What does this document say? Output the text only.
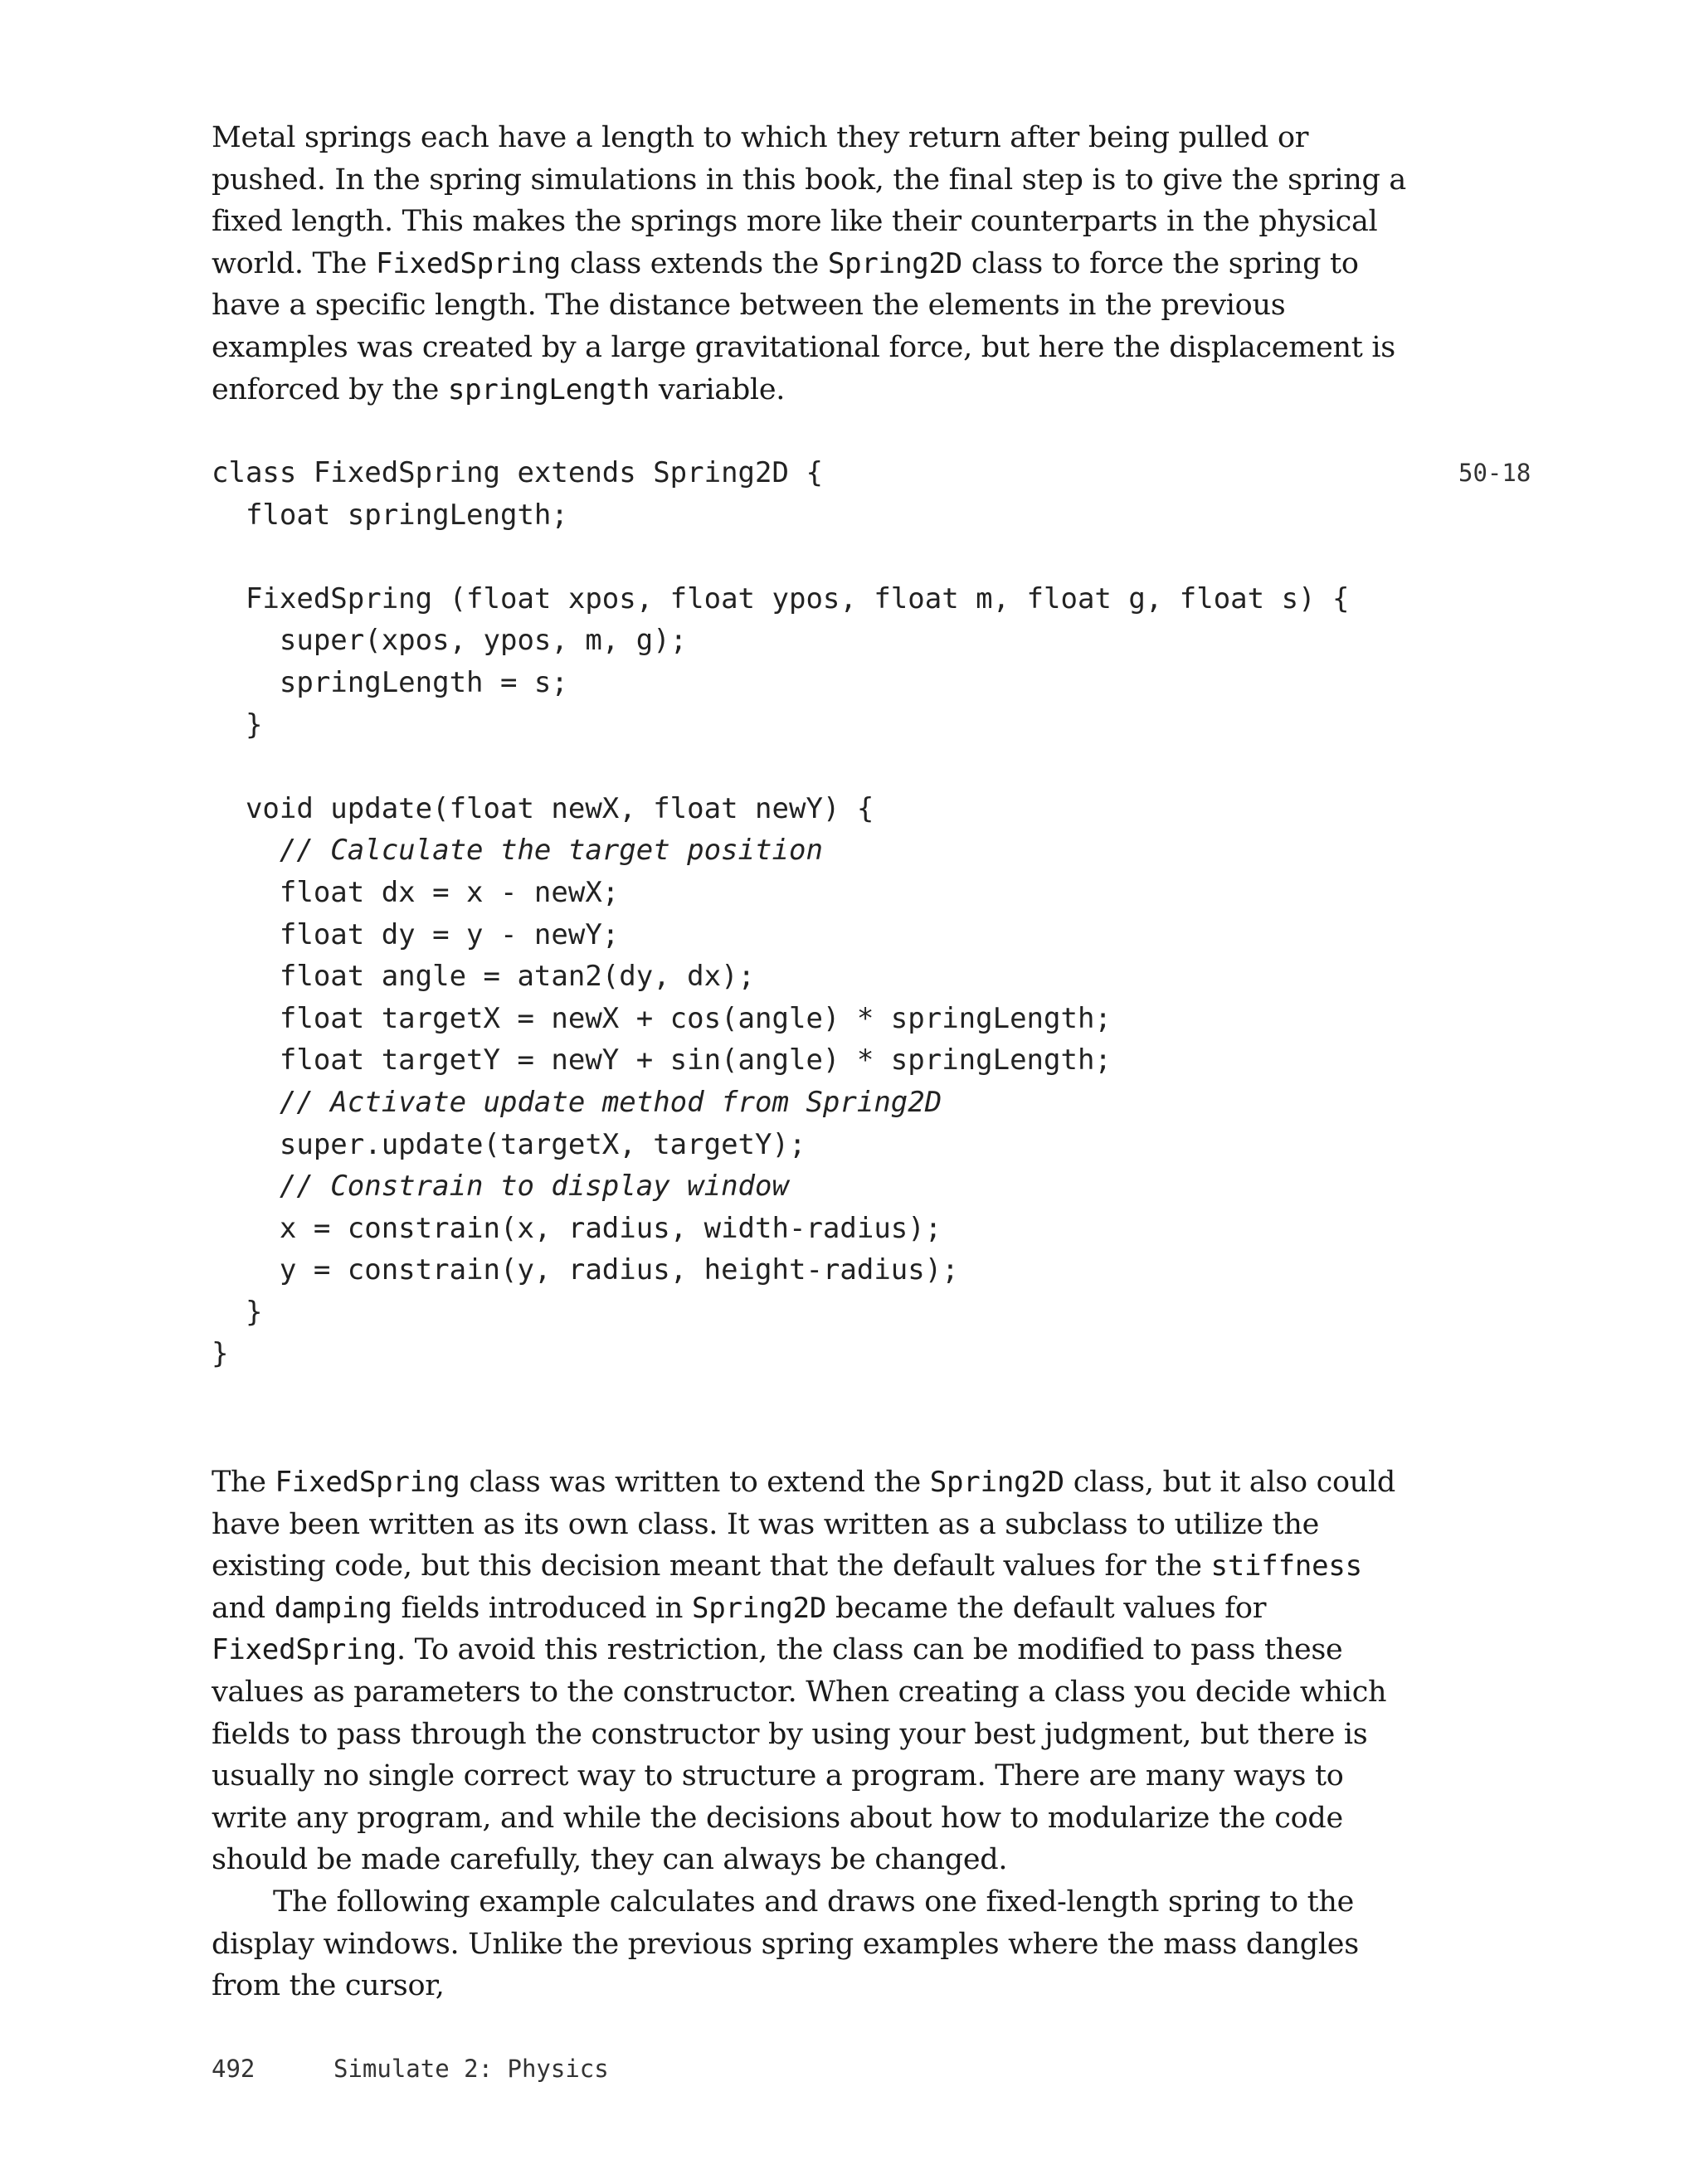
Metal springs each have a length to which they return after being pulled or pushed. In the spring simulations in this book, the final step is to give the spring a fixed length. This makes the springs more like their counterparts in the physical world. The FixedSpring class extends the Spring2D class to force the spring to have a specific length. The distance between the elements in the previous examples was created by a large gravitational force, but here the displacement is enforced by the springLength variable.

50-18
class FixedSpring extends Spring2D {
float springLength;
FixedSpring (float xpos, float ypos, float m, float g, float s) {
super(xpos, ypos, m, g);
springLength = s;
}
void update(float newX, float newY) {
// Calculate the target position
float dx = x - newX;
float dy = y - newY;
float angle = atan2(dy, dx);
float targetX = newX + cos(angle) * springLength;
float targetY = newY + sin(angle) * springLength;
// Activate update method from Spring2D
super.update(targetX, targetY);
// Constrain to display window
x = constrain(x, radius, width-radius);
y = constrain(y, radius, height-radius);
}
}

The FixedSpring class was written to extend the Spring2D class, but it also could have been written as its own class. It was written as a subclass to utilize the existing code, but this decision meant that the default values for the stiffness and damping fields introduced in Spring2D became the default values for FixedSpring. To avoid this restriction, the class can be modified to pass these values as parameters to the constructor. When creating a class you decide which fields to pass through the constructor by using your best judgment, but there is usually no single correct way to structure a program. There are many ways to write any program, and while the decisions about how to modularize the code should be made carefully, they can always be changed.

The following example calculates and draws one fixed-length spring to the display windows. Unlike the previous spring examples where the mass dangles from the cursor,

492	Simulate 2: Physics
